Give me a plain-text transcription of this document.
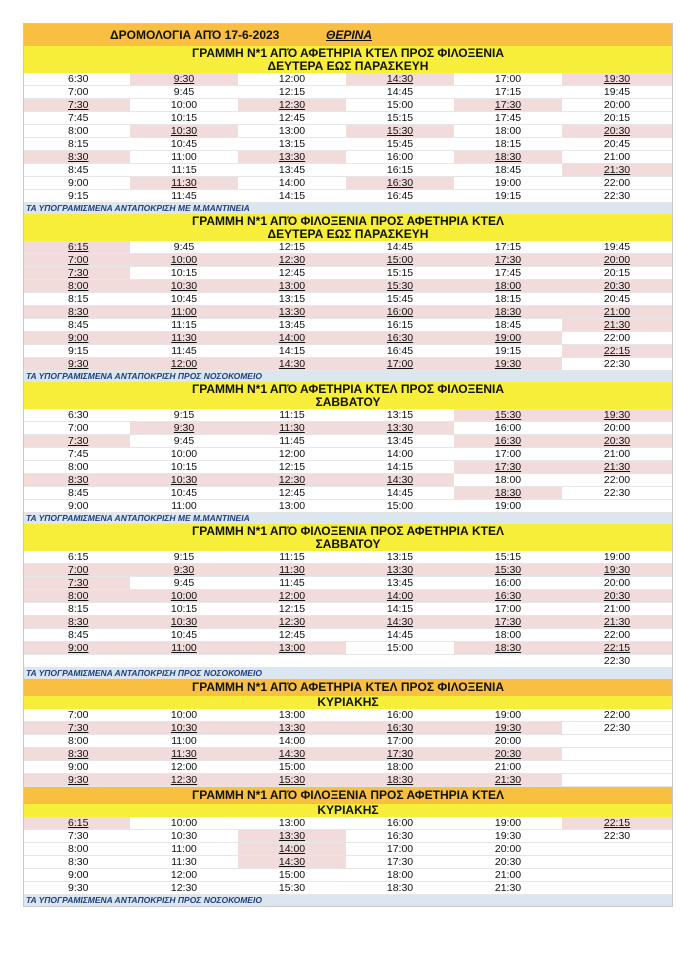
ΔΡΟΜΟΛΟΓΙΑ ΑΠΌ 17-6-2023	ΘΕΡΙΝΑ
ΓΡΑΜΜΗ Ν*1 ΑΠΌ ΑΦΕΤΗΡΙΑ ΚΤΕΛ ΠΡΟΣ ΦΙΛΟΞΕΝΙΑ
ΔΕΥΤΕΡΑ ΕΩΣ ΠΑΡΑΣΚΕΥΗ
6:30	9:30	12:00	14:30	17:00	19:30
7:00	9:45	12:15	14:45	17:15	19:45
7:30	10:00	12:30	15:00	17:30	20:00
7:45	10:15	12:45	15:15	17:45	20:15
8:00	10:30	13:00	15:30	18:00	20:30
8:15	10:45	13:15	15:45	18:15	20:45
8:30	11:00	13:30	16:00	18:30	21:00
8:45	11:15	13:45	16:15	18:45	21:30
9:00	11:30	14:00	16:30	19:00	22:00
9:15	11:45	14:15	16:45	19:15	22:30
ΤΑ ΥΠΟΓΡΑΜΙΣΜΕΝΑ ΑΝΤΑΠΟΚΡΙΣΗ ΜΕ Μ.ΜΑΝΤΙΝΕΙΑ
ΓΡΑΜΜΗ Ν*1 ΑΠΌ ΦΙΛΟΞΕΝΙΑ ΠΡΟΣ ΑΦΕΤΗΡΙΑ ΚΤΕΛ
ΔΕΥΤΕΡΑ ΕΩΣ ΠΑΡΑΣΚΕΥΗ
6:15	9:45	12:15	14:45	17:15	19:45
7:00	10:00	12:30	15:00	17:30	20:00
7:30	10:15	12:45	15:15	17:45	20:15
8:00	10:30	13:00	15:30	18:00	20:30
8:15	10:45	13:15	15:45	18:15	20:45
8:30	11:00	13:30	16:00	18:30	21:00
8:45	11:15	13:45	16:15	18:45	21:30
9:00	11:30	14:00	16:30	19:00	22:00
9:15	11:45	14:15	16:45	19:15	22:15
9:30	12:00	14:30	17:00	19:30	22:30
ΤΑ ΥΠΟΓΡΑΜΙΣΜΕΝΑ ΑΝΤΑΠΟΚΡΙΣΗ ΠΡΟΣ ΝΟΣΟΚΟΜΕΙΟ
ΓΡΑΜΜΗ Ν*1 ΑΠΌ ΑΦΕΤΗΡΙΑ ΚΤΕΛ ΠΡΟΣ ΦΙΛΟΞΕΝΙΑ
ΣΑΒΒΑΤΟΥ
6:30	9:15	11:15	13:15	15:30	19:30
7:00	9:30	11:30	13:30	16:00	20:00
7:30	9:45	11:45	13:45	16:30	20:30
7:45	10:00	12:00	14:00	17:00	21:00
8:00	10:15	12:15	14:15	17:30	21:30
8:30	10:30	12:30	14:30	18:00	22:00
8:45	10:45	12:45	14:45	18:30	22:30
9:00	11:00	13:00	15:00	19:00	
ΤΑ ΥΠΟΓΡΑΜΙΣΜΕΝΑ ΑΝΤΑΠΟΚΡΙΣΗ ΜΕ Μ.ΜΑΝΤΙΝΕΙΑ
ΓΡΑΜΜΗ Ν*1 ΑΠΌ ΦΙΛΟΞΕΝΙΑ ΠΡΟΣ ΑΦΕΤΗΡΙΑ ΚΤΕΛ
ΣΑΒΒΑΤΟΥ
6:15	9:15	11:15	13:15	15:15	19:00
7:00	9:30	11:30	13:30	15:30	19:30
7:30	9:45	11:45	13:45	16:00	20:00
8:00	10:00	12:00	14:00	16:30	20:30
8:15	10:15	12:15	14:15	17:00	21:00
8:30	10:30	12:30	14:30	17:30	21:30
8:45	10:45	12:45	14:45	18:00	22:00
9:00	11:00	13:00	15:00	18:30	22:15
					22:30
ΤΑ ΥΠΟΓΡΑΜΙΣΜΕΝΑ ΑΝΤΑΠΟΚΡΙΣΗ ΠΡΟΣ ΝΟΣΟΚΟΜΕΙΟ
ΓΡΑΜΜΗ Ν*1 ΑΠΌ ΑΦΕΤΗΡΙΑ ΚΤΕΛ ΠΡΟΣ ΦΙΛΟΞΕΝΙΑ
ΚΥΡΙΑΚΗΣ
7:00	10:00	13:00	16:00	19:00	22:00
7:30	10:30	13:30	16:30	19:30	22:30
8:00	11:00	14:00	17:00	20:00	
8:30	11:30	14:30	17:30	20:30	
9:00	12:00	15:00	18:00	21:00	
9:30	12:30	15:30	18:30	21:30	
ΓΡΑΜΜΗ Ν*1 ΑΠΌ ΦΙΛΟΞΕΝΙΑ ΠΡΟΣ ΑΦΕΤΗΡΙΑ ΚΤΕΛ
ΚΥΡΙΑΚΗΣ
6:15	10:00	13:00	16:00	19:00	22:15
7:30	10:30	13:30	16:30	19:30	22:30
8:00	11:00	14:00	17:00	20:00	
8:30	11:30	14:30	17:30	20:30	
9:00	12:00	15:00	18:00	21:00	
9:30	12:30	15:30	18:30	21:30	
ΤΑ ΥΠΟΓΡΑΜΙΣΜΕΝΑ ΑΝΤΑΠΟΚΡΙΣΗ ΠΡΟΣ ΝΟΣΟΚΟΜΕΙΟ
